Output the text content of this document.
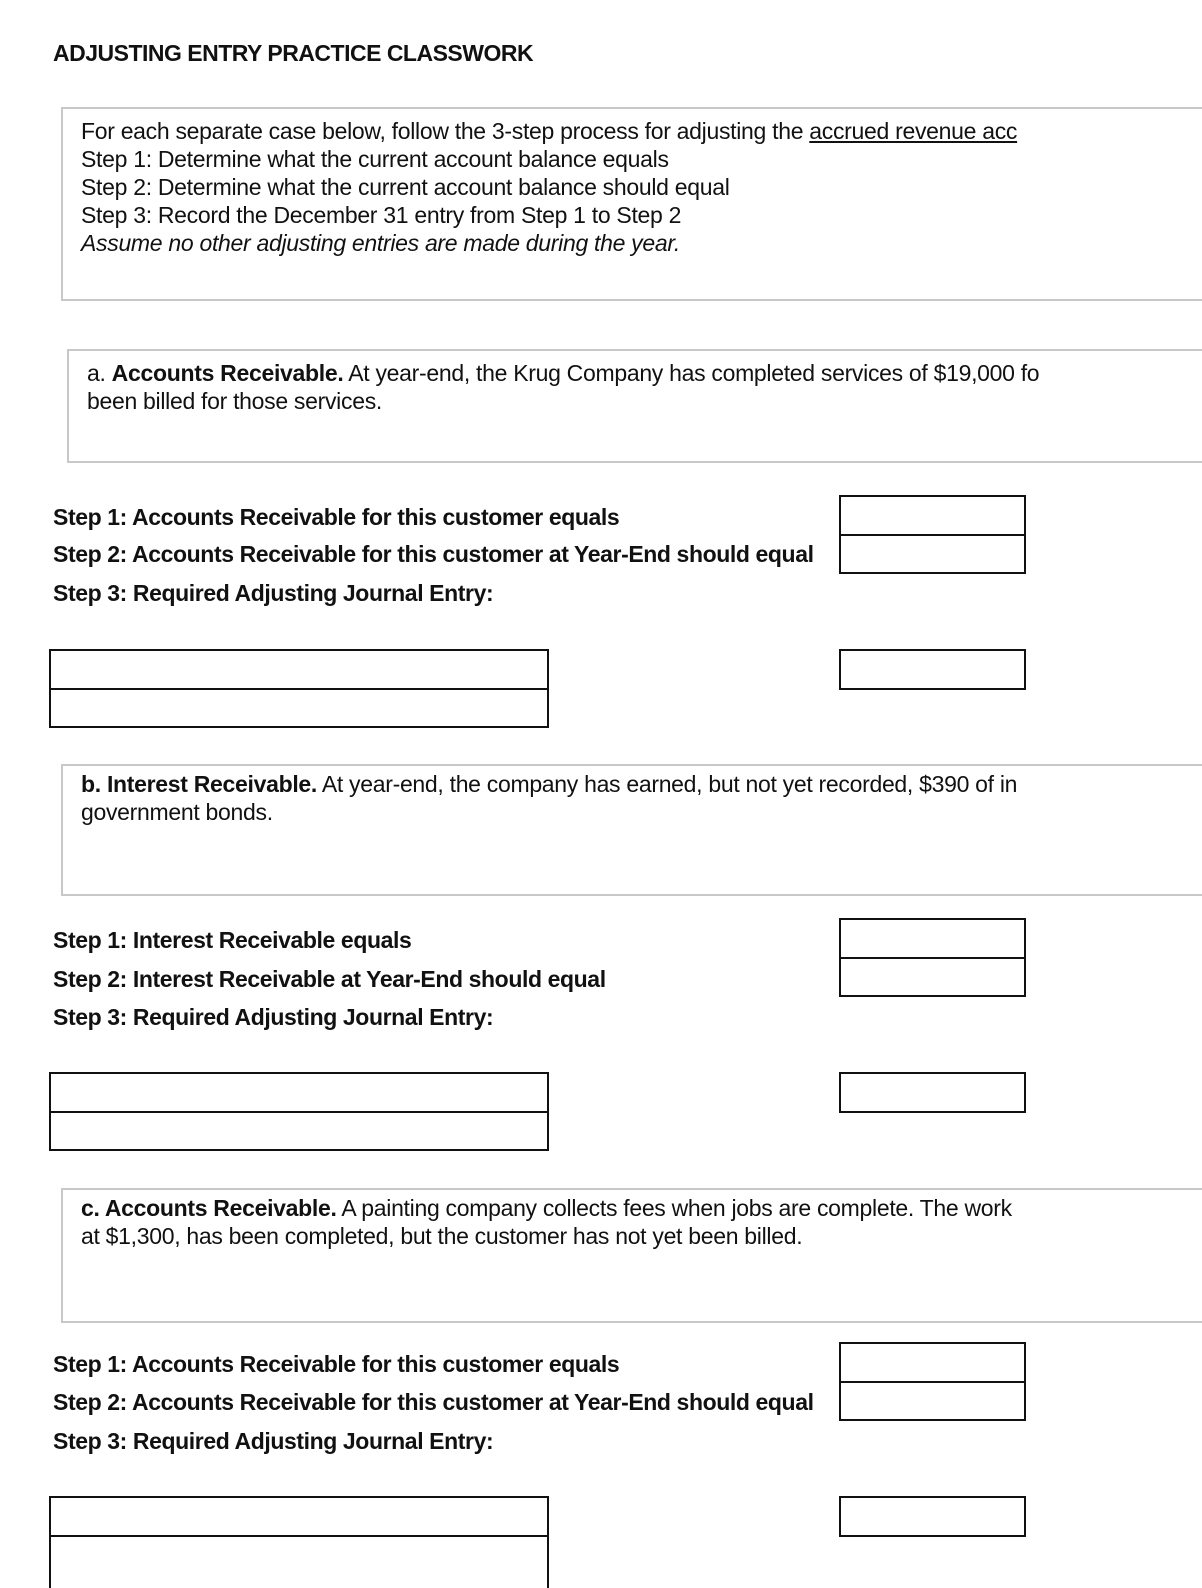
ADJUSTING ENTRY PRACTICE CLASSWORK
For each separate case below, follow the 3-step process for adjusting the accrued revenue acc
Step 1: Determine what the current account balance equals
Step 2: Determine what the current account balance should equal
Step 3: Record the December 31 entry from Step 1 to Step 2
Assume no other adjusting entries are made during the year.
a. Accounts Receivable. At year-end, the Krug Company has completed services of $19,000 fo
been billed for those services.
Step 1: Accounts Receivable for this customer equals
Step 2: Accounts Receivable for this customer at Year-End should equal
Step 3: Required Adjusting Journal Entry:
b. Interest Receivable. At year-end, the company has earned, but not yet recorded, $390 of in
government bonds.
Step 1: Interest Receivable equals
Step 2: Interest Receivable at Year-End should equal
Step 3: Required Adjusting Journal Entry:
c. Accounts Receivable. A painting company collects fees when jobs are complete. The work
at $1,300, has been completed, but the customer has not yet been billed.
Step 1: Accounts Receivable for this customer equals
Step 2: Accounts Receivable for this customer at Year-End should equal
Step 3: Required Adjusting Journal Entry:
